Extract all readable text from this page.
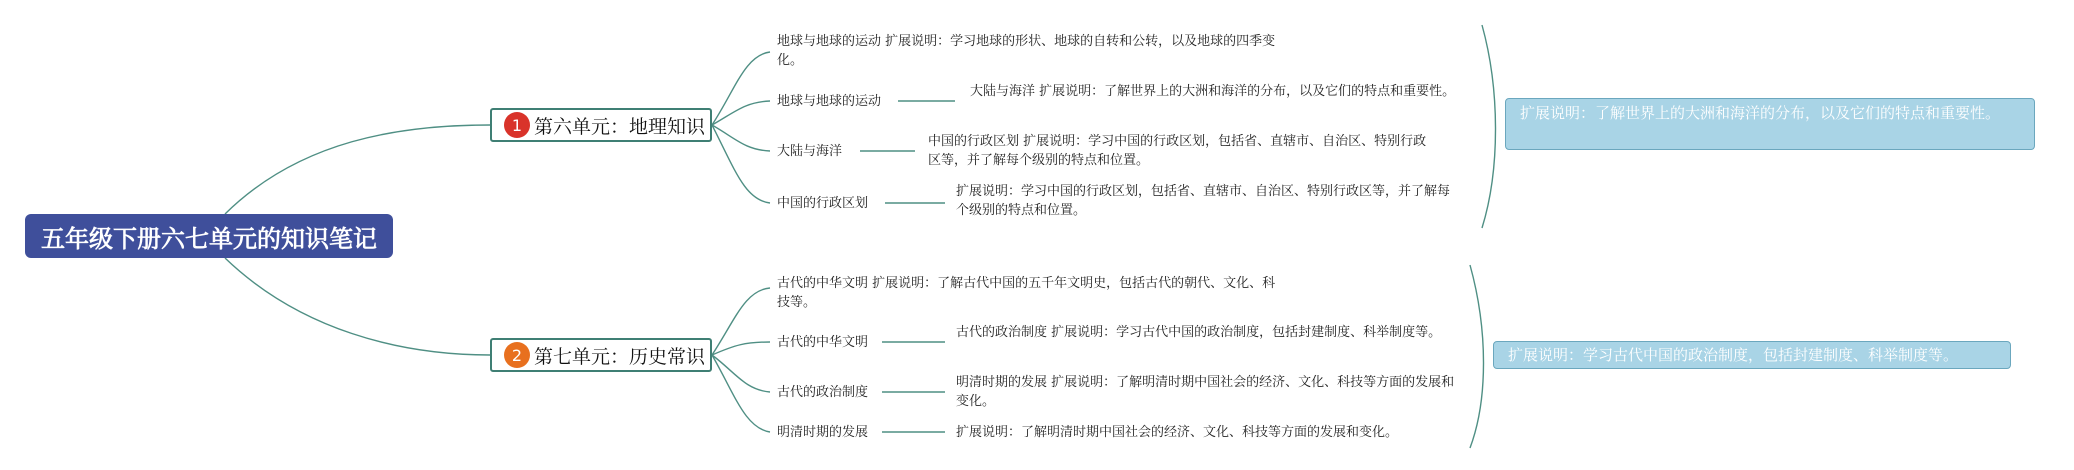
五年级下册六七单元的知识笔记
1 第六单元：地理知识
地球与地球的运动 扩展说明：学习地球的形状、地球的自转和公转，以及地球的四季变化。
地球与地球的运动
大陆与海洋
中国的行政区划
大陆与海洋 扩展说明：了解世界上的大洲和海洋的分布，以及它们的特点和重要性。
中国的行政区划 扩展说明：学习中国的行政区划，包括省、直辖市、自治区、特别行政区等，并了解每个级别的特点和位置。
扩展说明：学习中国的行政区划，包括省、直辖市、自治区、特别行政区等，并了解每个级别的特点和位置。
扩展说明：了解世界上的大洲和海洋的分布，以及它们的特点和重要性。
2 第七单元：历史常识
古代的中华文明 扩展说明：了解古代中国的五千年文明史，包括古代的朝代、文化、科技等。
古代的中华文明
古代的政治制度
明清时期的发展
古代的政治制度 扩展说明：学习古代中国的政治制度，包括封建制度、科举制度等。
明清时期的发展 扩展说明：了解明清时期中国社会的经济、文化、科技等方面的发展和变化。
扩展说明：了解明清时期中国社会的经济、文化、科技等方面的发展和变化。
扩展说明：学习古代中国的政治制度，包括封建制度、科举制度等。
